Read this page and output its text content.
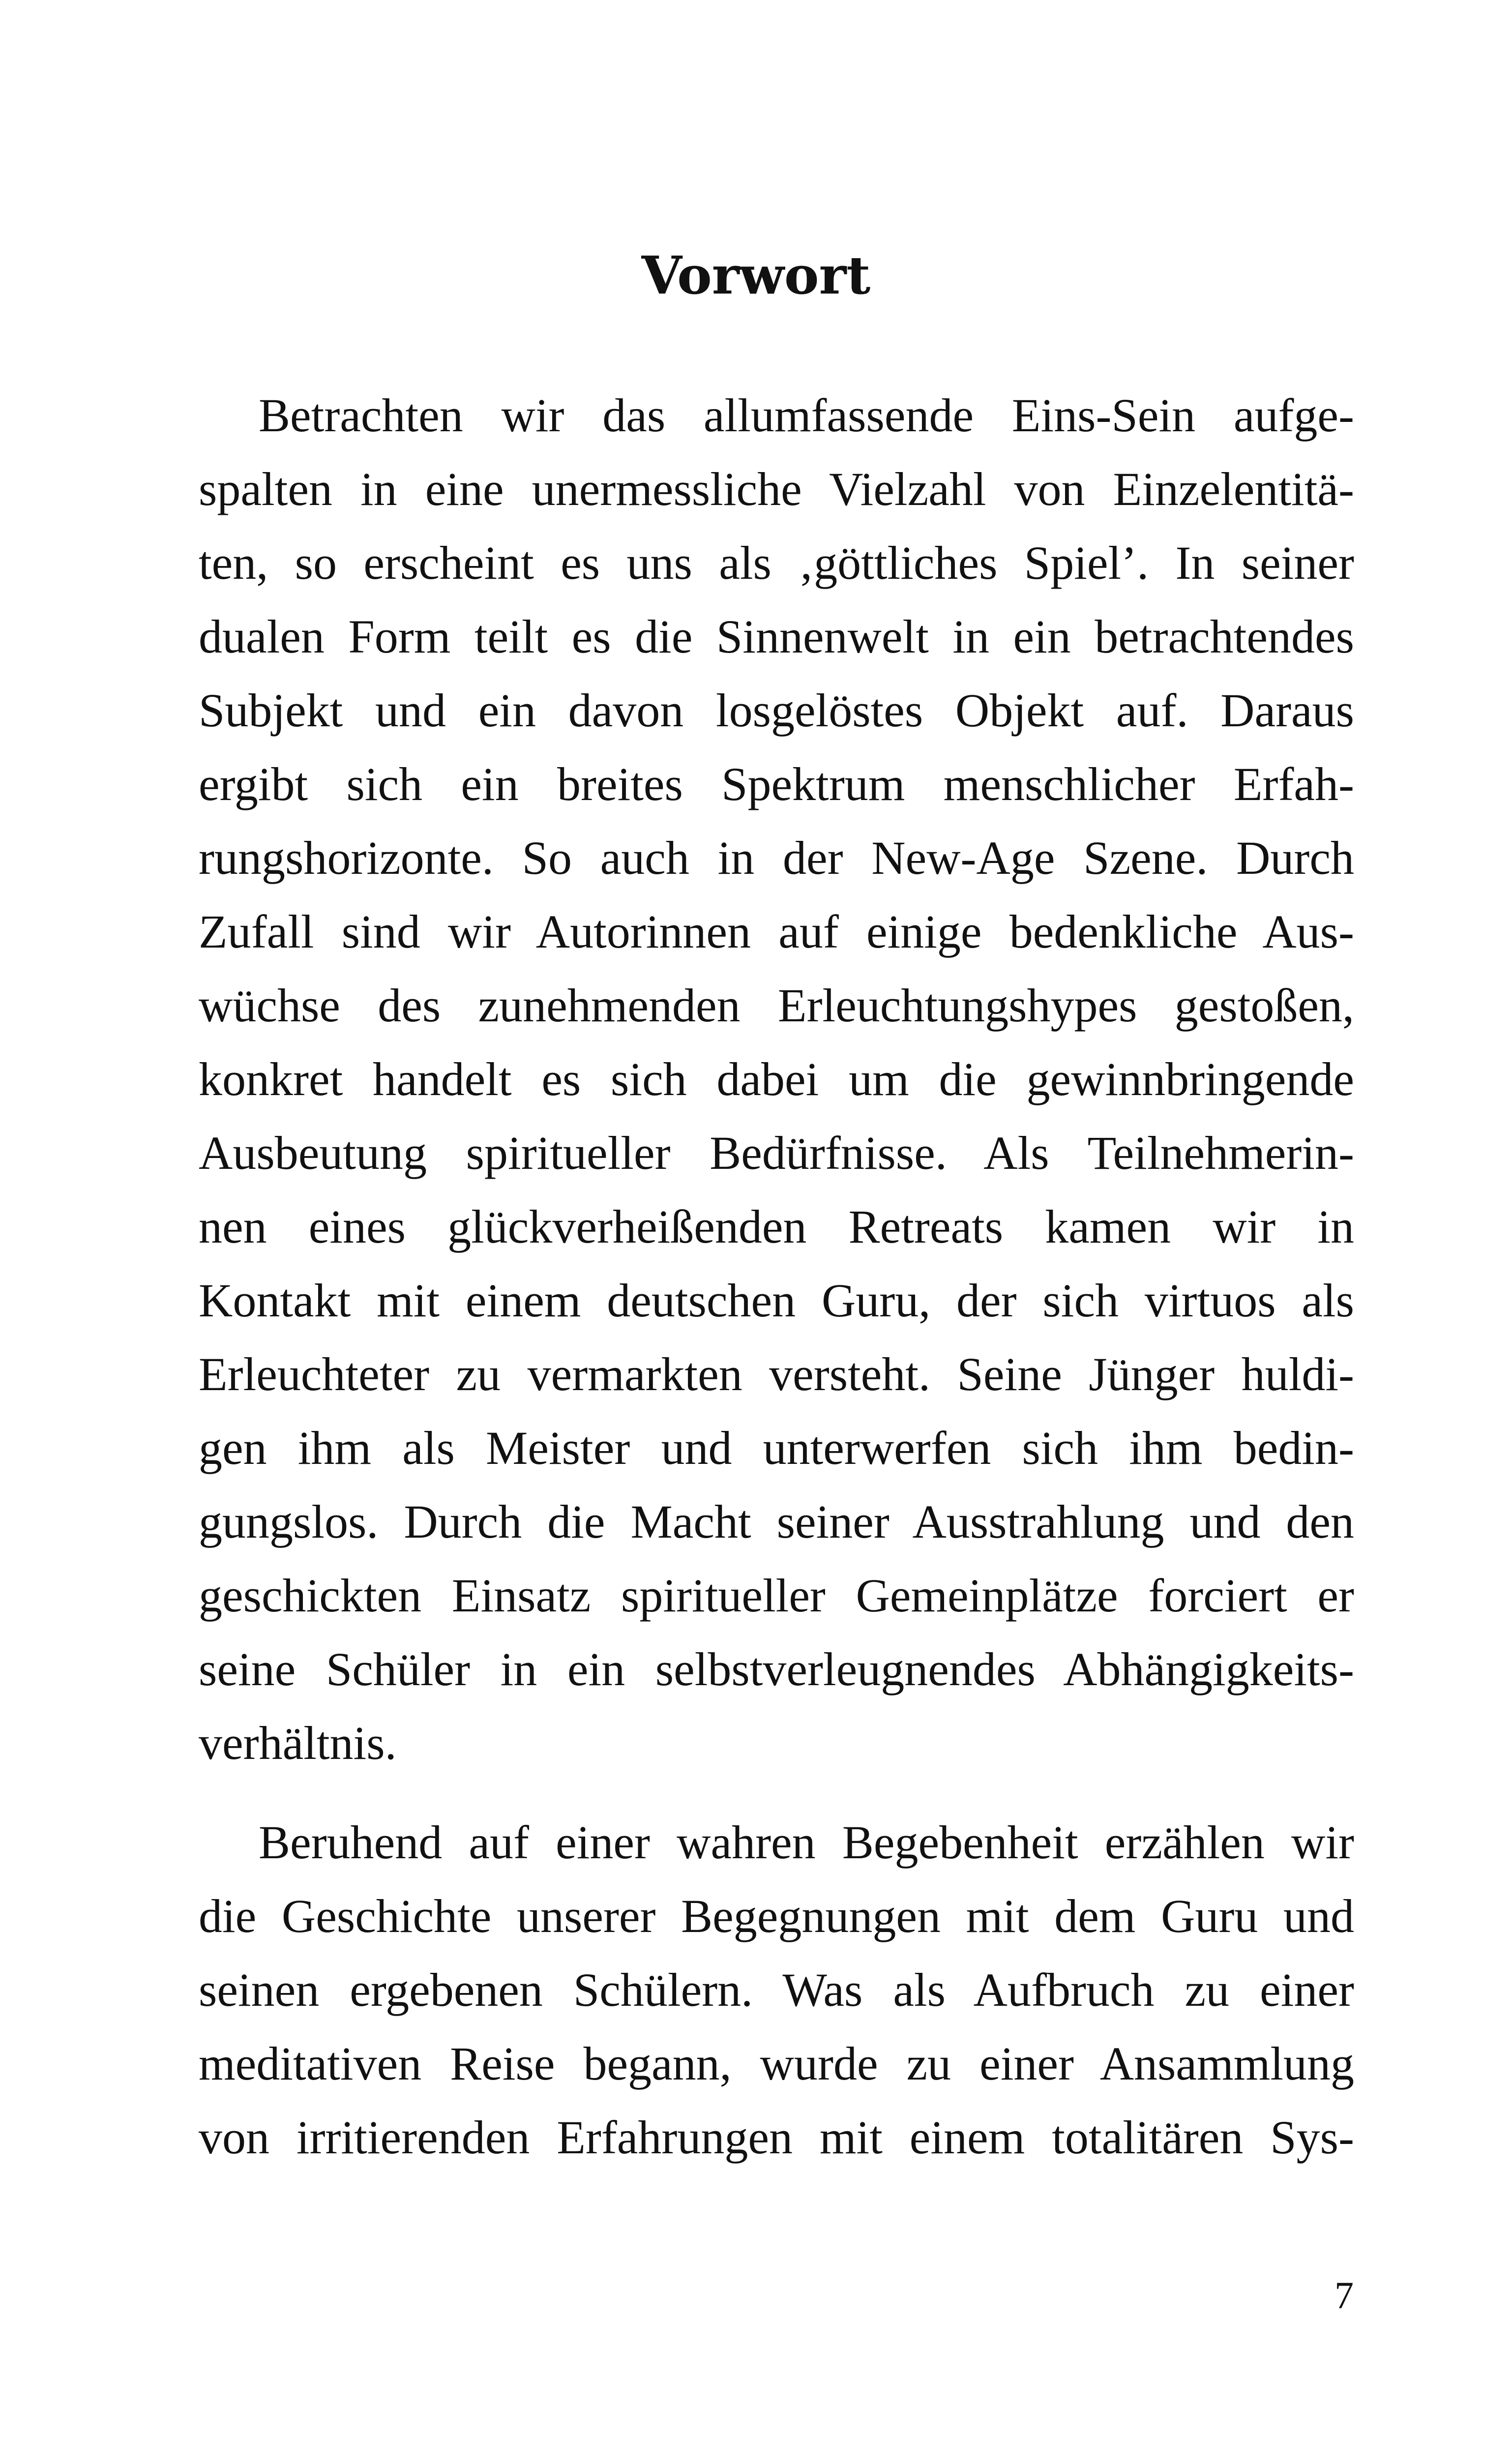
Vorwort
Betrachten wir das allumfassende Eins-Sein aufge-
spalten in eine unermessliche Vielzahl von Einzelentitä-
ten, so erscheint es uns als ‚göttliches Spiel’. In seiner
dualen Form teilt es die Sinnenwelt in ein betrachtendes
Subjekt und ein davon losgelöstes Objekt auf. Daraus
ergibt sich ein breites Spektrum menschlicher Erfah-
rungshorizonte. So auch in der New-Age Szene. Durch
Zufall sind wir Autorinnen auf einige bedenkliche Aus-
wüchse des zunehmenden Erleuchtungshypes gestoßen,
konkret handelt es sich dabei um die gewinnbringende
Ausbeutung spiritueller Bedürfnisse. Als Teilnehmerin-
nen eines glückverheißenden Retreats kamen wir in
Kontakt mit einem deutschen Guru, der sich virtuos als
Erleuchteter zu vermarkten versteht. Seine Jünger huldi-
gen ihm als Meister und unterwerfen sich ihm bedin-
gungslos. Durch die Macht seiner Ausstrahlung und den
geschickten Einsatz spiritueller Gemeinplätze forciert er
seine Schüler in ein selbstverleugnendes Abhängigkeits-
verhältnis.
Beruhend auf einer wahren Begebenheit erzählen wir
die Geschichte unserer Begegnungen mit dem Guru und
seinen ergebenen Schülern. Was als Aufbruch zu einer
meditativen Reise begann, wurde zu einer Ansammlung
von irritierenden Erfahrungen mit einem totalitären Sys-
7
